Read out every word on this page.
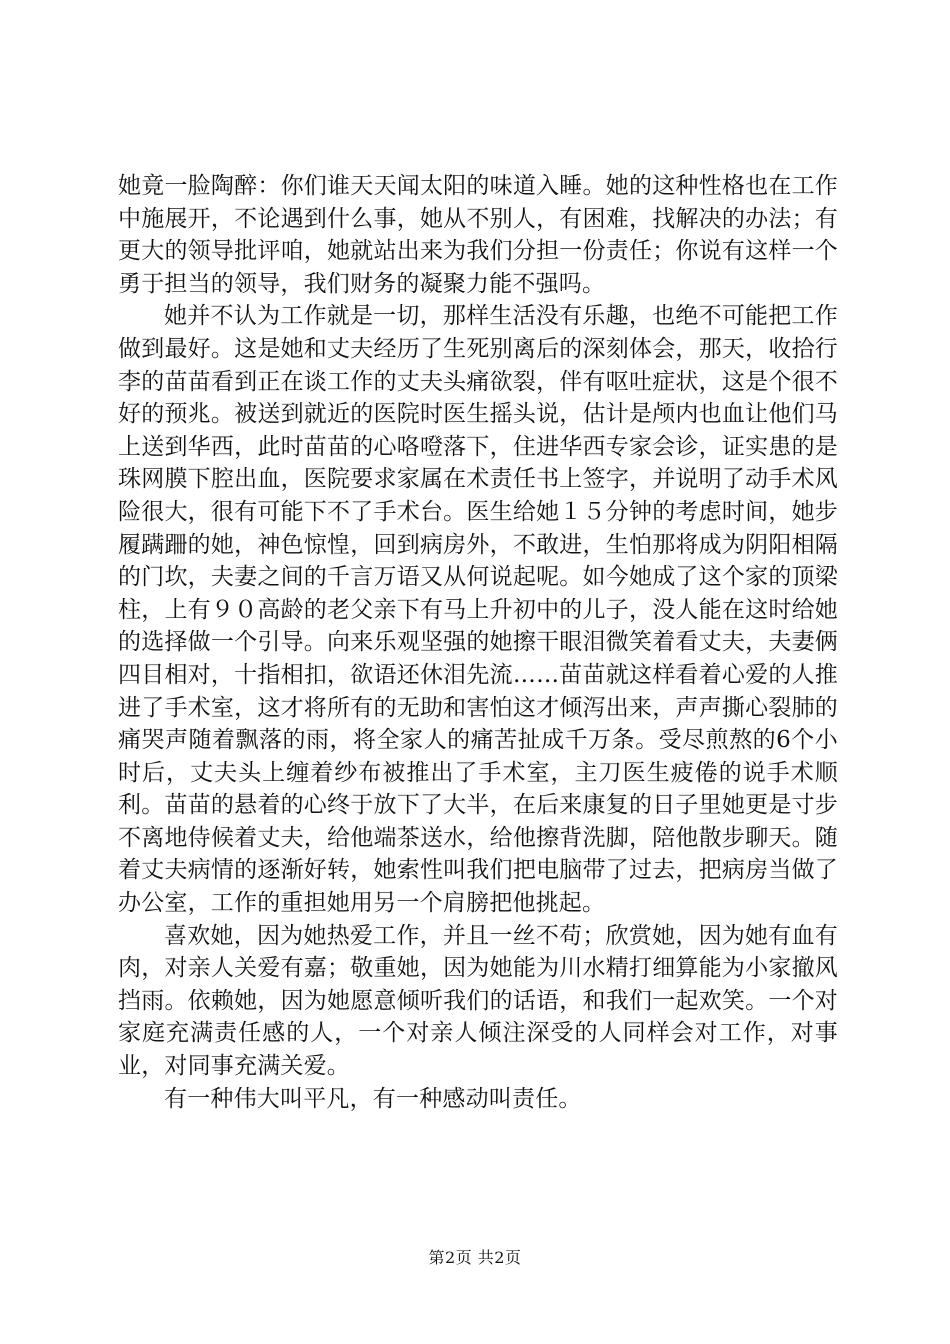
她竟一脸陶醉：你们谁天天闻太阳的味道入睡。她的这种性格也在工作中施展开，不论遇到什么事，她从不别人，有困难，找解决的办法；有更大的领导批评咱，她就站出来为我们分担一份责任；你说有这样一个勇于担当的领导，我们财务的凝聚力能不强吗。

她并不认为工作就是一切，那样生活没有乐趣，也绝不可能把工作做到最好。这是她和丈夫经历了生死别离后的深刻体会，那天，收拾行李的苗苗看到正在谈工作的丈夫头痛欲裂，伴有呕吐症状，这是个很不好的预兆。被送到就近的医院时医生摇头说，估计是颅内也血让他们马上送到华西，此时苗苗的心咯噔落下，住进华西专家会诊，证实患的是珠网膜下腔出血，医院要求家属在术责任书上签字，并说明了动手术风险很大，很有可能下不了手术台。医生给她１５分钟的考虑时间，她步履蹒跚的她，神色惊惶，回到病房外，不敢进，生怕那将成为阴阳相隔的门坎，夫妻之间的千言万语又从何说起呢。如今她成了这个家的顶梁柱，上有９０高龄的老父亲下有马上升初中的儿子，没人能在这时给她的选择做一个引导。向来乐观坚强的她擦干眼泪微笑着看丈夫，夫妻俩四目相对，十指相扣，欲语还休泪先流……苗苗就这样看着心爱的人推进了手术室，这才将所有的无助和害怕这才倾泻出来，声声撕心裂肺的痛哭声随着飘落的雨，将全家人的痛苦扯成千万条。受尽煎熬的6个小时后，丈夫头上缠着纱布被推出了手术室，主刀医生疲倦的说手术顺利。苗苗的悬着的心终于放下了大半，在后来康复的日子里她更是寸步不离地侍候着丈夫，给他端茶送水，给他擦背洗脚，陪他散步聊天。随着丈夫病情的逐渐好转，她索性叫我们把电脑带了过去，把病房当做了办公室，工作的重担她用另一个肩膀把他挑起。

喜欢她，因为她热爱工作，并且一丝不苟；欣赏她，因为她有血有肉，对亲人关爱有嘉；敬重她，因为她能为川水精打细算能为小家撤风挡雨。依赖她，因为她愿意倾听我们的话语，和我们一起欢笑。一个对家庭充满责任感的人，一个对亲人倾注深受的人同样会对工作，对事业，对同事充满关爱。

有一种伟大叫平凡，有一种感动叫责任。

第2页 共2页
